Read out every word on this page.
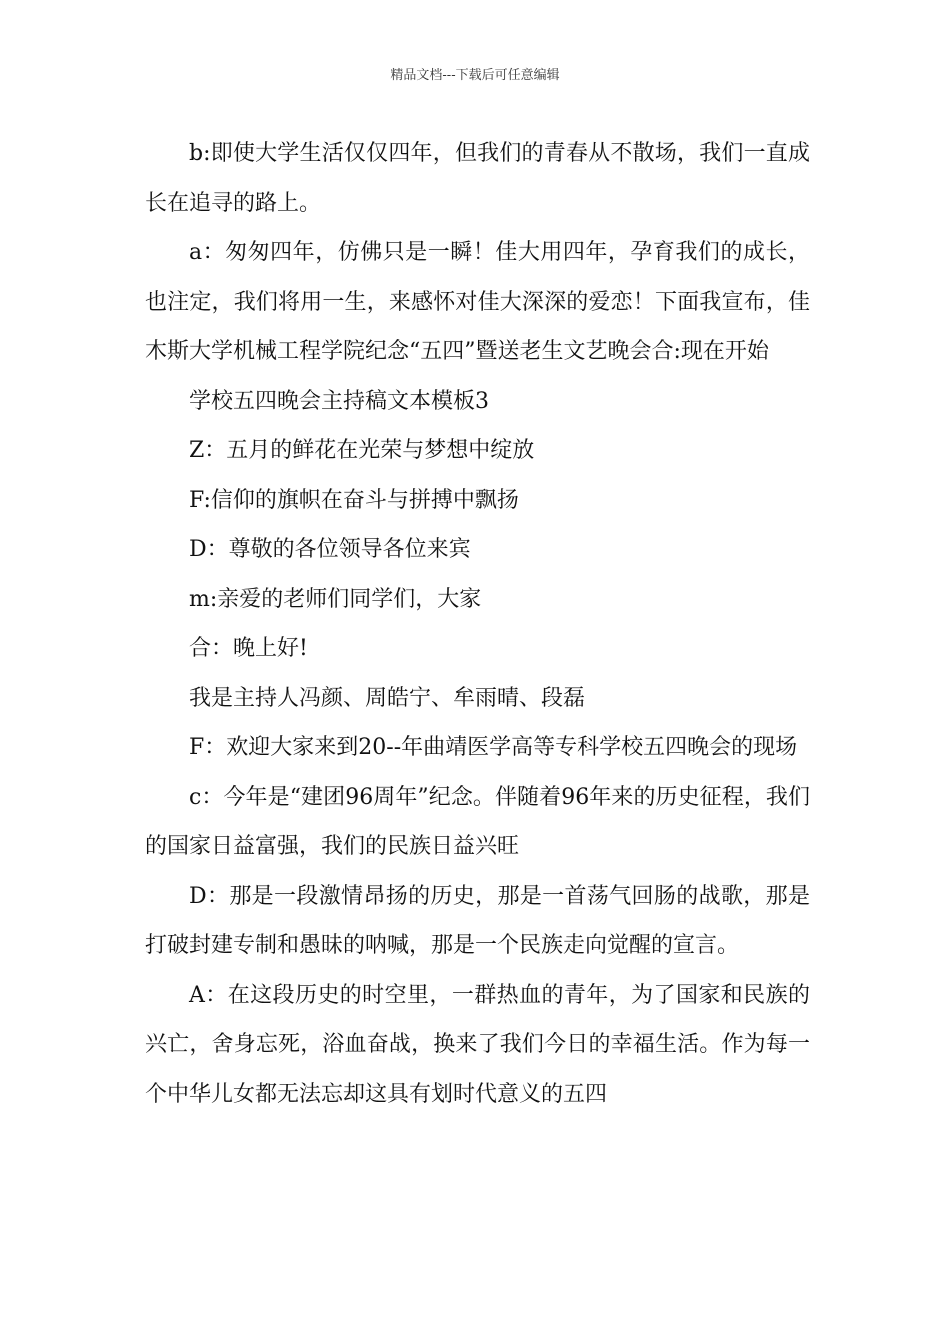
精品文档---下载后可任意编辑

b:即使大学生活仅仅四年，但我们的青春从不散场，我们一直成长在追寻的路上。

a：匆匆四年，仿佛只是一瞬！佳大用四年，孕育我们的成长，也注定，我们将用一生，来感怀对佳大深深的爱恋！下面我宣布，佳木斯大学机械工程学院纪念“五四”暨送老生文艺晚会合:现在开始

学校五四晚会主持稿文本模板3

Z：五月的鲜花在光荣与梦想中绽放

F:信仰的旗帜在奋斗与拼搏中飘扬

D：尊敬的各位领导各位来宾

m:亲爱的老师们同学们，大家

合：晚上好!

我是主持人冯颜、周皓宁、牟雨晴、段磊

F：欢迎大家来到20--年曲靖医学高等专科学校五四晚会的现场

c：今年是“建团96周年”纪念。伴随着96年来的历史征程，我们的国家日益富强，我们的民族日益兴旺

D：那是一段激情昂扬的历史，那是一首荡气回肠的战歌，那是打破封建专制和愚昧的呐喊，那是一个民族走向觉醒的宣言。

A：在这段历史的时空里，一群热血的青年，为了国家和民族的兴亡，舍身忘死，浴血奋战，换来了我们今日的幸福生活。作为每一个中华儿女都无法忘却这具有划时代意义的五四
